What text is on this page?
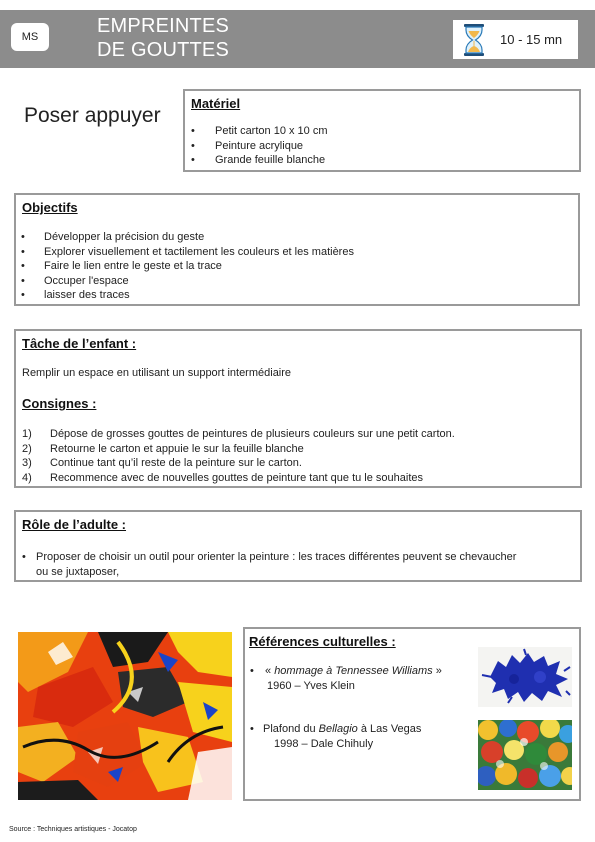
MS	EMPREINTES
DE GOUTTES	10 - 15 mn
Poser appuyer
Matériel
• Petit carton 10 x 10 cm
• Peinture acrylique
• Grande feuille blanche
Objectifs
• Développer la précision du geste
• Explorer visuellement et tactilement les couleurs et les matières
• Faire le lien entre le geste et la trace
• Occuper l'espace
• laisser des traces
Tâche de l’enfant :
Remplir un espace en utilisant un support intermédiaire
Consignes :
1) Dépose de grosses gouttes de peintures de plusieurs couleurs sur une petit carton.
2) Retourne le carton et appuie le sur la feuille blanche
3) Continue tant qu’il reste de la peinture sur le carton.
4) Recommence avec de nouvelles gouttes de peinture tant que tu le souhaites
Rôle de l’adulte :
• Proposer de choisir un outil pour orienter la peinture : les traces différentes peuvent se chevaucher
ou se juxtaposer,
Références culturelles :
• « hommage à Tennessee Williams »
1960 – Yves Klein
• Plafond du Bellagio à Las Vegas
1998 – Dale Chihuly
Source : Techniques artistiques - Jocatop
